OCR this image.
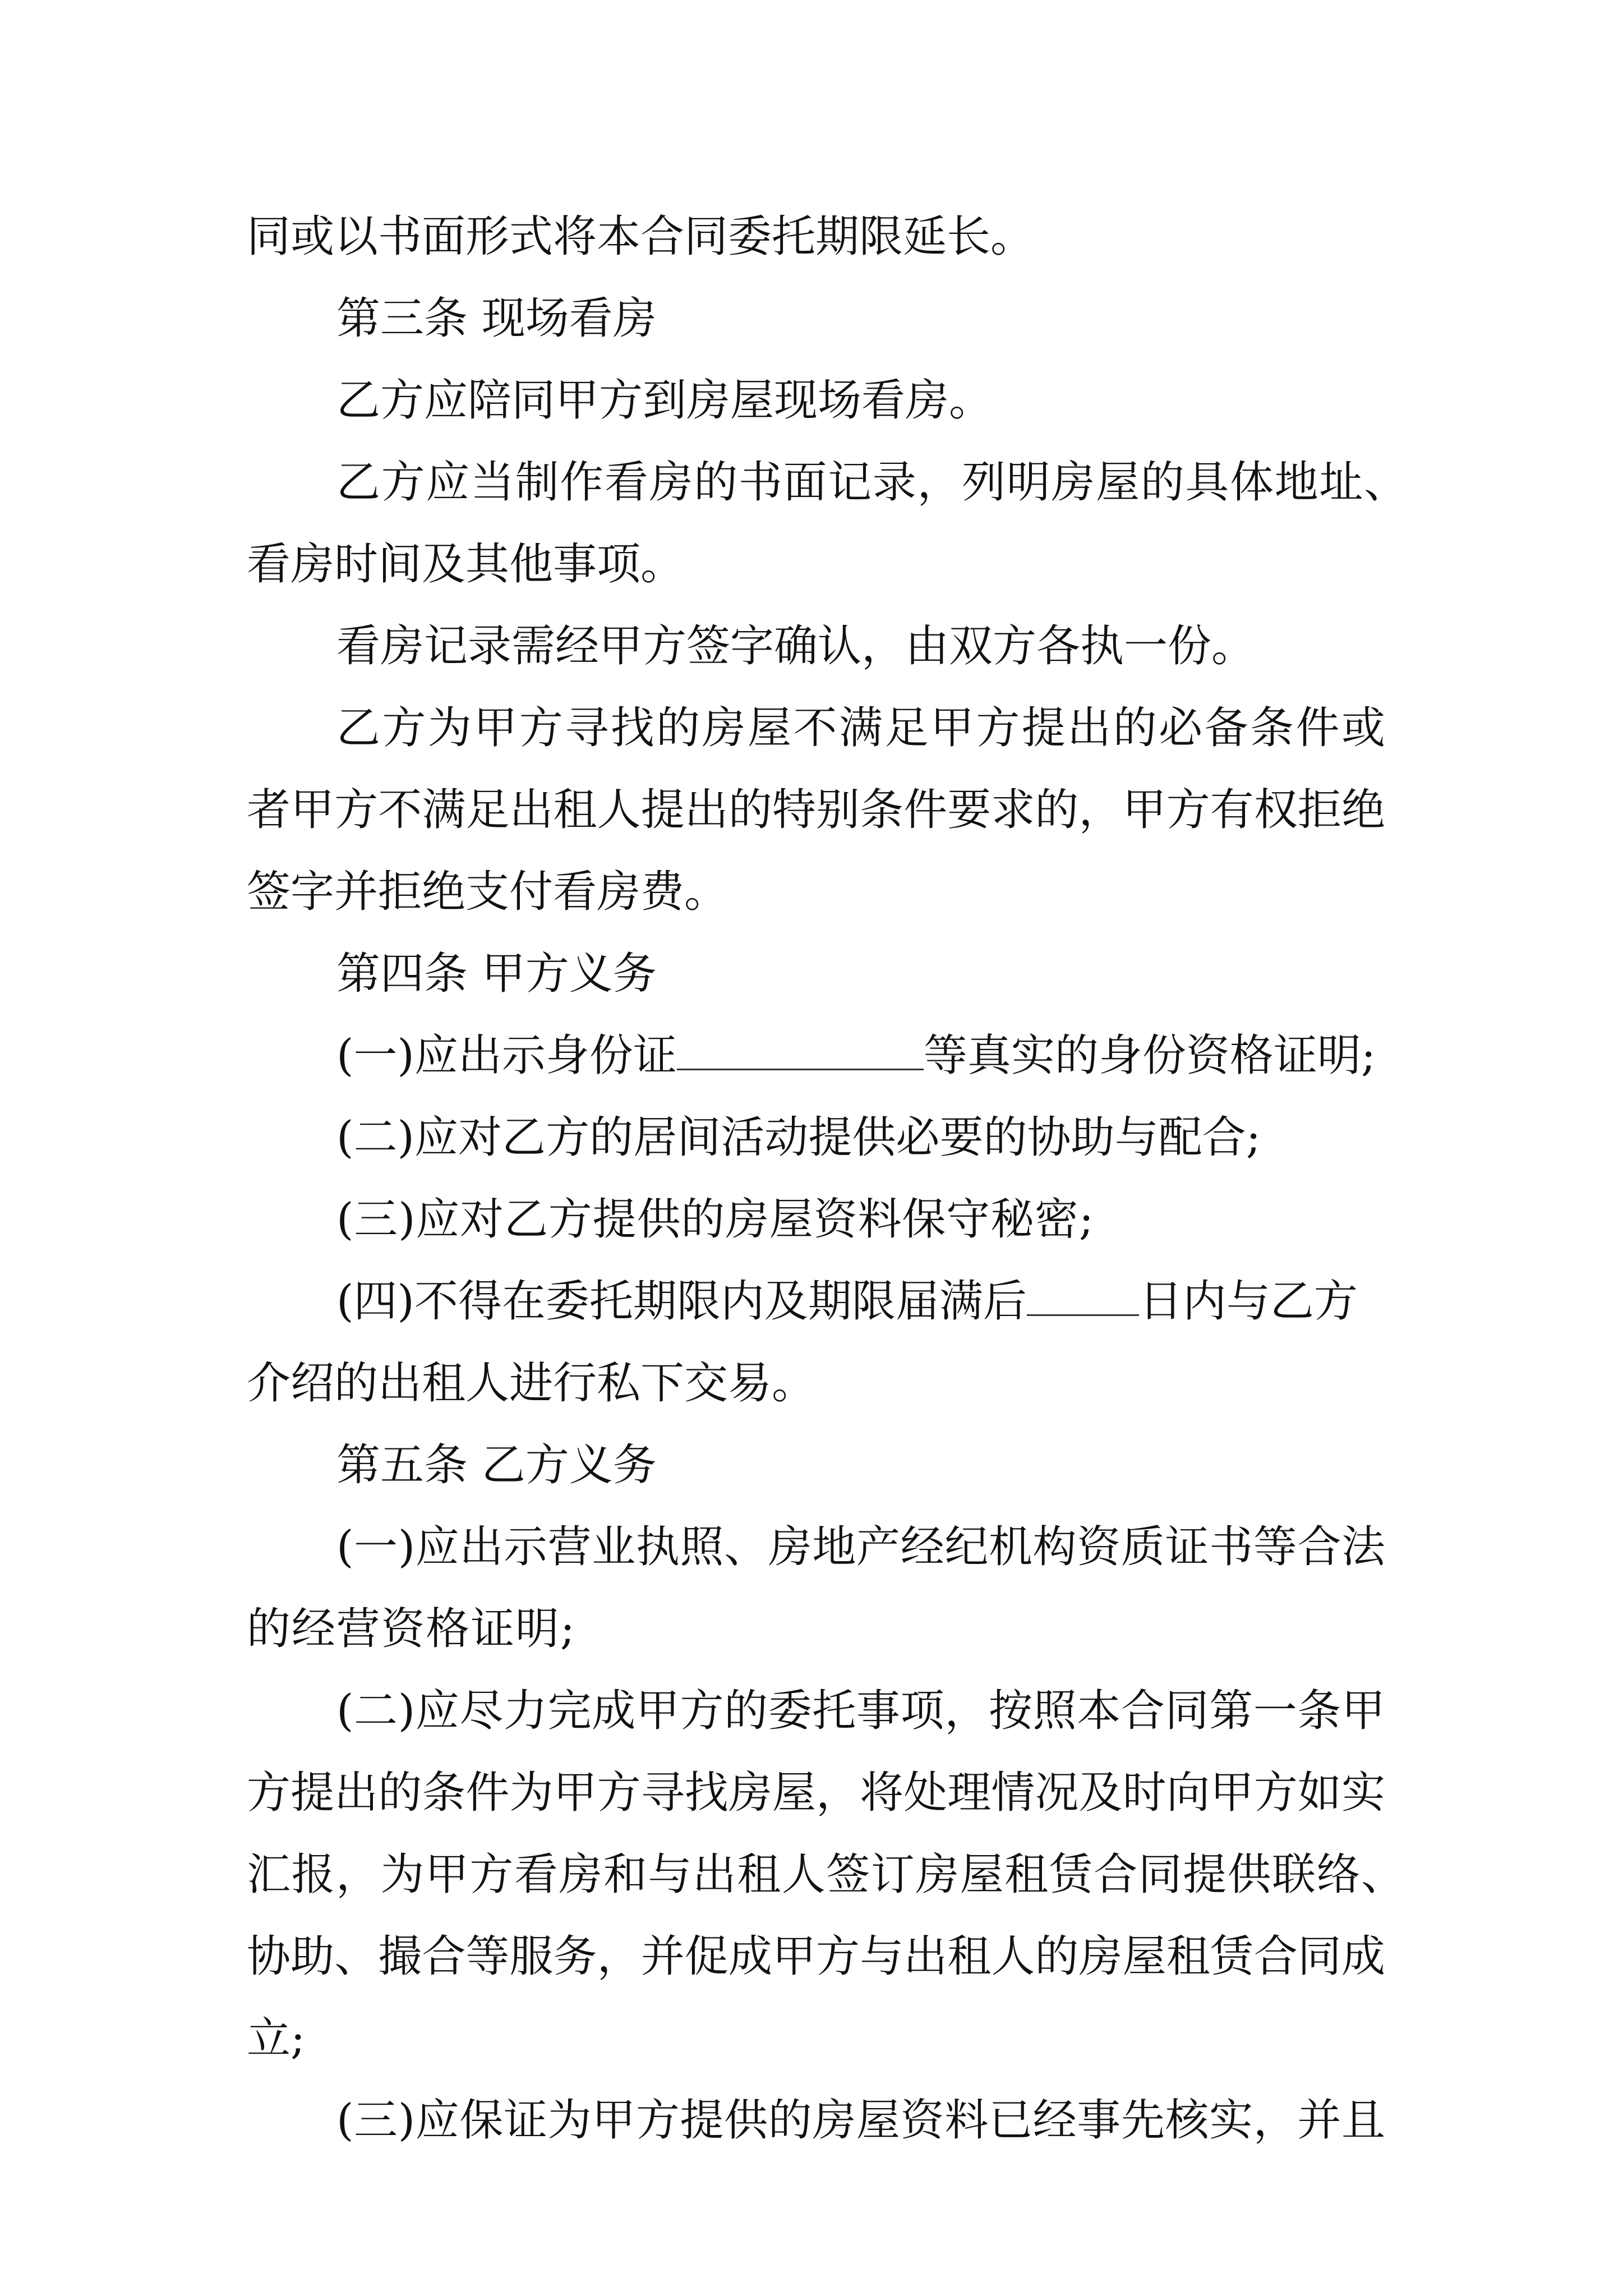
同或以书面形式将本合同委托期限延长。

第三条 现场看房

乙方应陪同甲方到房屋现场看房。

乙方应当制作看房的书面记录，列明房屋的具体地址、

看房时间及其他事项。

看房记录需经甲方签字确认，由双方各执一份。

乙方为甲方寻找的房屋不满足甲方提出的必备条件或

者甲方不满足出租人提出的特别条件要求的，甲方有权拒绝

签字并拒绝支付看房费。

第四条 甲方义务

(一)应出示身份证	等真实的身份资格证明;

(二)应对乙方的居间活动提供必要的协助与配合;

(三)应对乙方提供的房屋资料保守秘密;

(四)不得在委托期限内及期限届满后	日内与乙方

介绍的出租人进行私下交易。

第五条 乙方义务

(一)应出示营业执照、房地产经纪机构资质证书等合法

的经营资格证明;

(二)应尽力完成甲方的委托事项，按照本合同第一条甲

方提出的条件为甲方寻找房屋，将处理情况及时向甲方如实

汇报，为甲方看房和与出租人签订房屋租赁合同提供联络、

协助、撮合等服务，并促成甲方与出租人的房屋租赁合同成

立;

(三)应保证为甲方提供的房屋资料已经事先核实，并且
